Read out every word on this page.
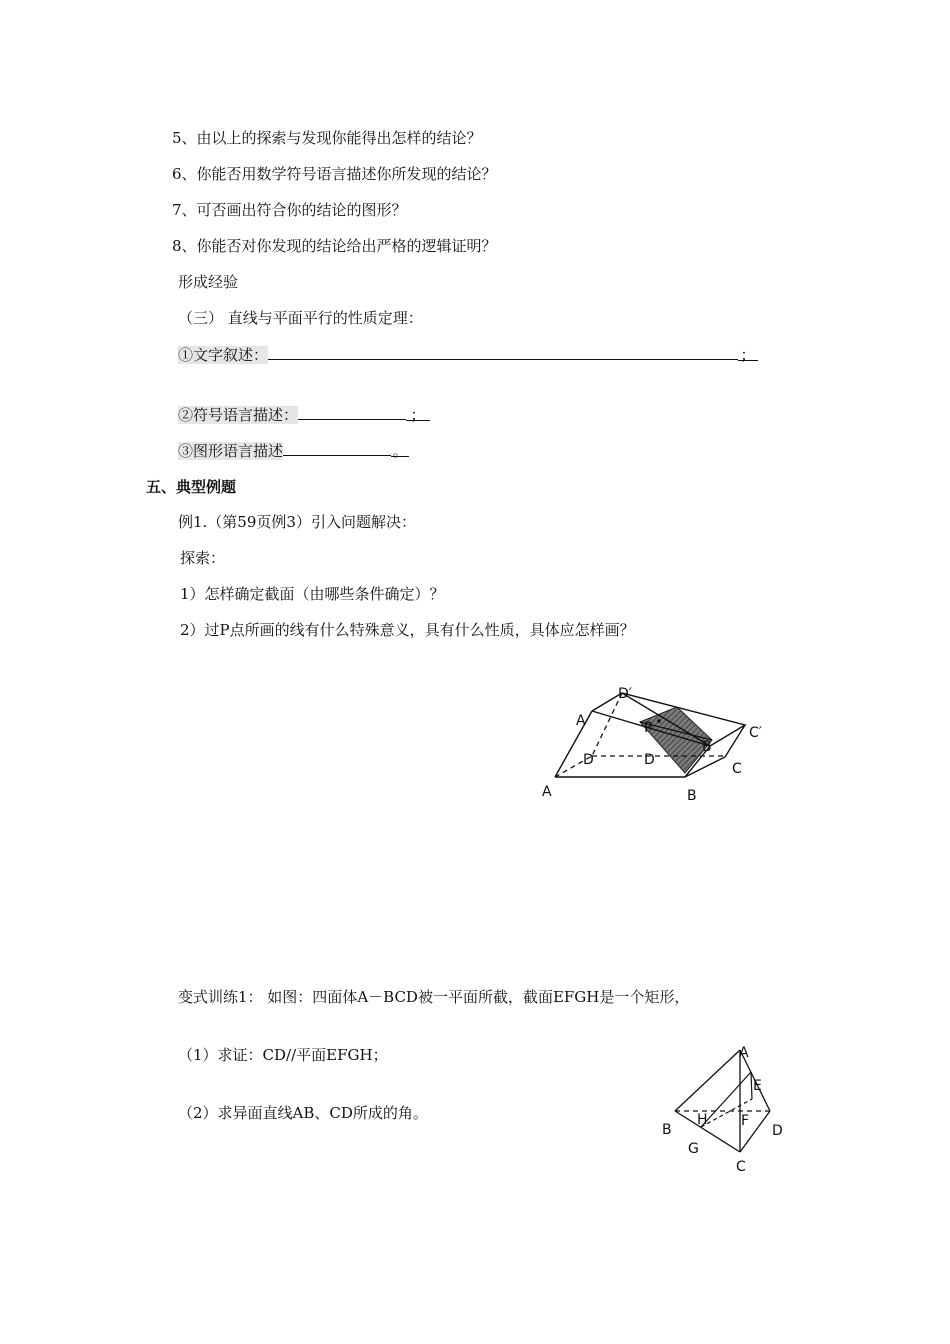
5、由以上的探索与发现你能得出怎样的结论？
6、你能否用数学符号语言描述你所发现的结论？
7、可否画出符合你的结论的图形？
8、你能否对你发现的结论给出严格的逻辑证明？
形成经验
（三） 直线与平面平行的性质定理：
①文字叙述：	；
②符号语言描述：	；
③图形语言描述	。
五、典型例题
例1.（第59页例3）引入问题解决：
探索：
1）怎样确定截面（由哪些条件确定）？
2）过P点所画的线有什么特殊意义，具有什么性质，具体应怎样画？
D′
A	P	C′
B
D	D
C
A	B
变式训练1： 如图：四面体A－BCD被一平面所截，截面EFGH是一个矩形，
（1）求证：CD//平面EFGH；
（2）求异面直线AB、CD所成的角。
A
E
H F
B	D
G
C
